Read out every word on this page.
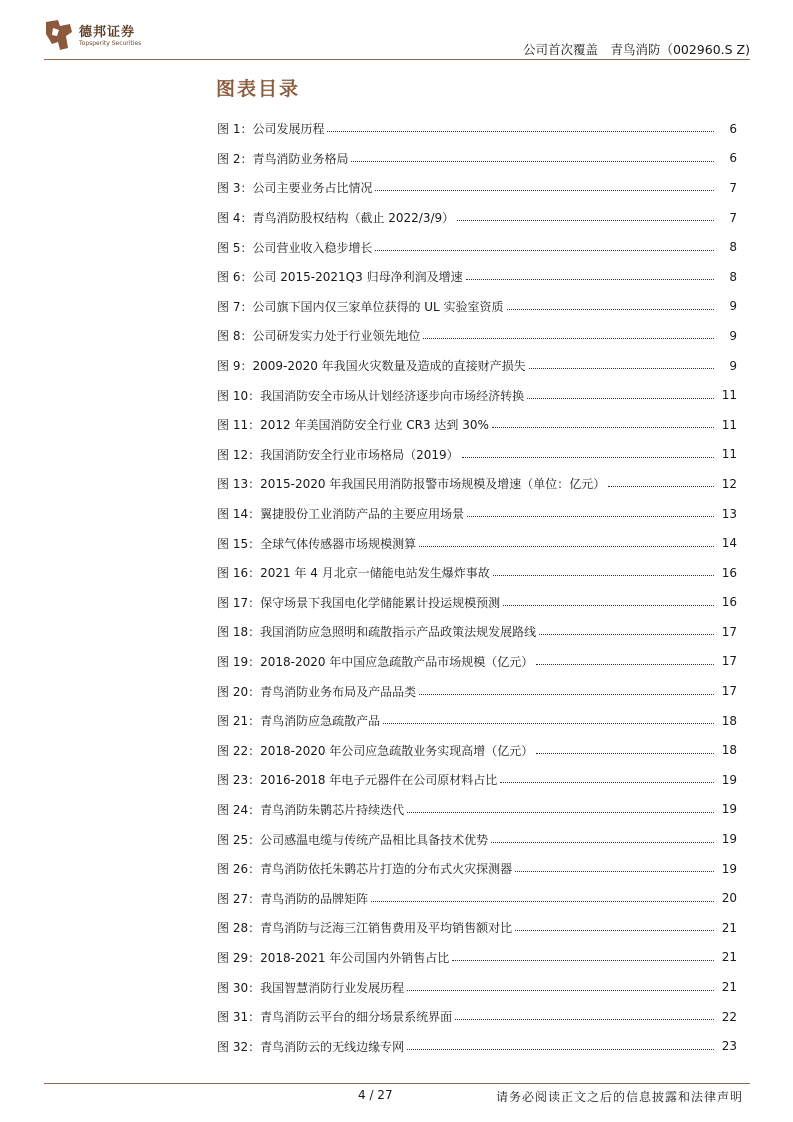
德邦证券
Topsperity Securities	公司首次覆盖　青鸟消防（002960.S Z)
图表目录
图 1：公司发展历程	6
图 2：青鸟消防业务格局	6
图 3：公司主要业务占比情况	7
图 4：青鸟消防股权结构（截止 2022/3/9）	7
图 5：公司营业收入稳步增长	8
图 6：公司 2015-2021Q3 归母净利润及增速	8
图 7：公司旗下国内仅三家单位获得的 UL 实验室资质	9
图 8：公司研发实力处于行业领先地位	9
图 9：2009-2020 年我国火灾数量及造成的直接财产损失	9
图 10：我国消防安全市场从计划经济逐步向市场经济转换	11
图 11：2012 年美国消防安全行业 CR3 达到 30%	11
图 12：我国消防安全行业市场格局（2019）	11
图 13：2015-2020 年我国民用消防报警市场规模及增速（单位：亿元）	12
图 14：翼捷股份工业消防产品的主要应用场景	13
图 15：全球气体传感器市场规模测算	14
图 16：2021 年 4 月北京一储能电站发生爆炸事故	16
图 17：保守场景下我国电化学储能累计投运规模预测	16
图 18：我国消防应急照明和疏散指示产品政策法规发展路线	17
图 19：2018-2020 年中国应急疏散产品市场规模（亿元）	17
图 20：青鸟消防业务布局及产品品类	17
图 21：青鸟消防应急疏散产品	18
图 22：2018-2020 年公司应急疏散业务实现高增（亿元）	18
图 23：2016-2018 年电子元器件在公司原材料占比	19
图 24：青鸟消防朱鹮芯片持续迭代	19
图 25：公司感温电缆与传统产品相比具备技术优势	19
图 26：青鸟消防依托朱鹮芯片打造的分布式火灾探测器	19
图 27：青鸟消防的品牌矩阵	20
图 28：青鸟消防与泛海三江销售费用及平均销售额对比	21
图 29：2018-2021 年公司国内外销售占比	21
图 30：我国智慧消防行业发展历程	21
图 31：青鸟消防云平台的细分场景系统界面	22
图 32：青鸟消防云的无线边缘专网	23
4 / 27	请务必阅读正文之后的信息披露和法律声明
